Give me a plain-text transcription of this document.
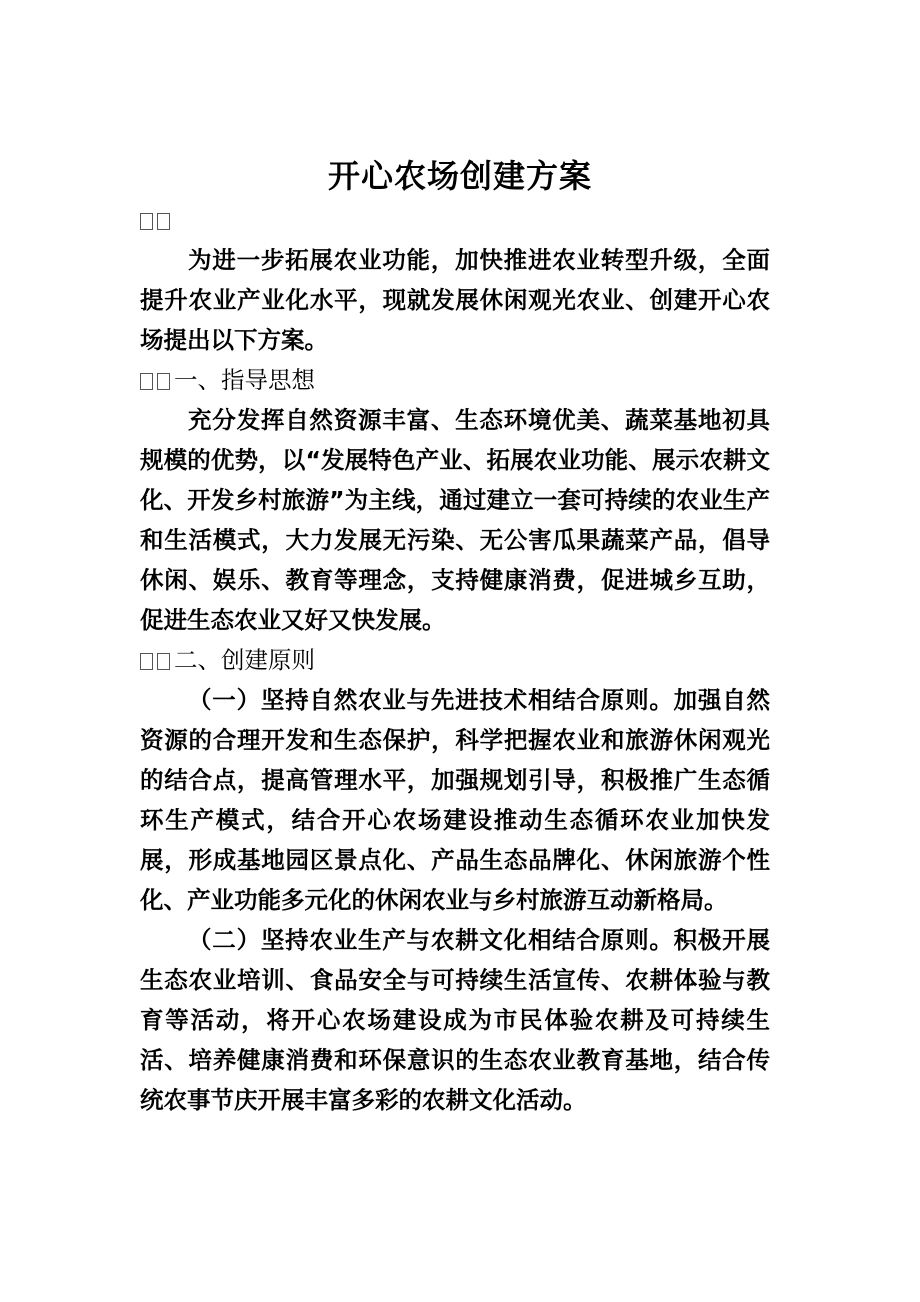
开心农场创建方案
为进一步拓展农业功能，加快推进农业转型升级，全面提升农业产业化水平，现就发展休闲观光农业、创建开心农场提出以下方案。
一、指导思想
充分发挥自然资源丰富、生态环境优美、蔬菜基地初具规模的优势，以“发展特色产业、拓展农业功能、展示农耕文化、开发乡村旅游”为主线，通过建立一套可持续的农业生产和生活模式，大力发展无污染、无公害瓜果蔬菜产品，倡导休闲、娱乐、教育等理念，支持健康消费，促进城乡互助，促进生态农业又好又快发展。
二、创建原则
（一）坚持自然农业与先进技术相结合原则。加强自然资源的合理开发和生态保护，科学把握农业和旅游休闲观光的结合点，提高管理水平，加强规划引导，积极推广生态循环生产模式，结合开心农场建设推动生态循环农业加快发展，形成基地园区景点化、产品生态品牌化、休闲旅游个性化、产业功能多元化的休闲农业与乡村旅游互动新格局。
（二）坚持农业生产与农耕文化相结合原则。积极开展生态农业培训、食品安全与可持续生活宣传、农耕体验与教育等活动，将开心农场建设成为市民体验农耕及可持续生活、培养健康消费和环保意识的生态农业教育基地，结合传统农事节庆开展丰富多彩的农耕文化活动。
